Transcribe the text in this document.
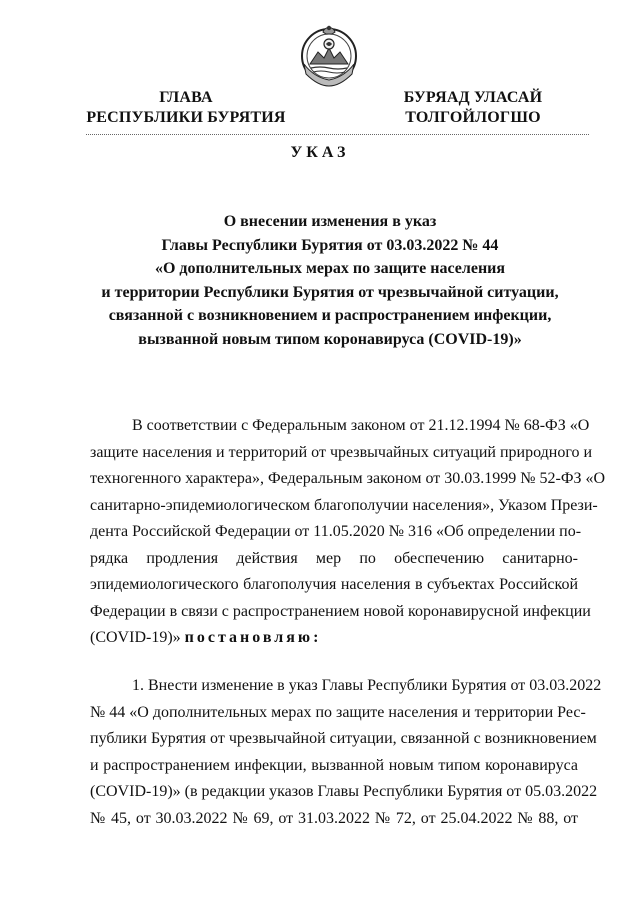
ГЛАВА
РЕСПУБЛИКИ БУРЯТИЯ
БУРЯАД УЛАСАЙ
ТОЛГОЙЛОГШО
УКАЗ
О внесении изменения в указ
Главы Республики Бурятия от 03.03.2022 № 44
«О дополнительных мерах по защите населения
и территории Республики Бурятия от чрезвычайной ситуации,
связанной с возникновением и распространением инфекции,
вызванной новым типом коронавируса (COVID-19)»
В соответствии с Федеральным законом от 21.12.1994 № 68-ФЗ «О
защите населения и территорий от чрезвычайных ситуаций природного и
техногенного характера», Федеральным законом от 30.03.1999 № 52-ФЗ «О
санитарно-эпидемиологическом благополучии населения», Указом Прези-
дента Российской Федерации от 11.05.2020 № 316 «Об определении по-
рядка продления действия мер по обеспечению санитарно-
эпидемиологического благополучия населения в субъектах Российской
Федерации в связи с распространением новой коронавирусной инфекции
(COVID-19)» постановляю:
1. Внести изменение в указ Главы Республики Бурятия от 03.03.2022
№ 44 «О дополнительных мерах по защите населения и территории Рес-
публики Бурятия от чрезвычайной ситуации, связанной с возникновением
и распространением инфекции, вызванной новым типом коронавируса
(COVID-19)» (в редакции указов Главы Республики Бурятия от 05.03.2022
№ 45, от 30.03.2022 № 69, от 31.03.2022 № 72, от 25.04.2022 № 88, от
